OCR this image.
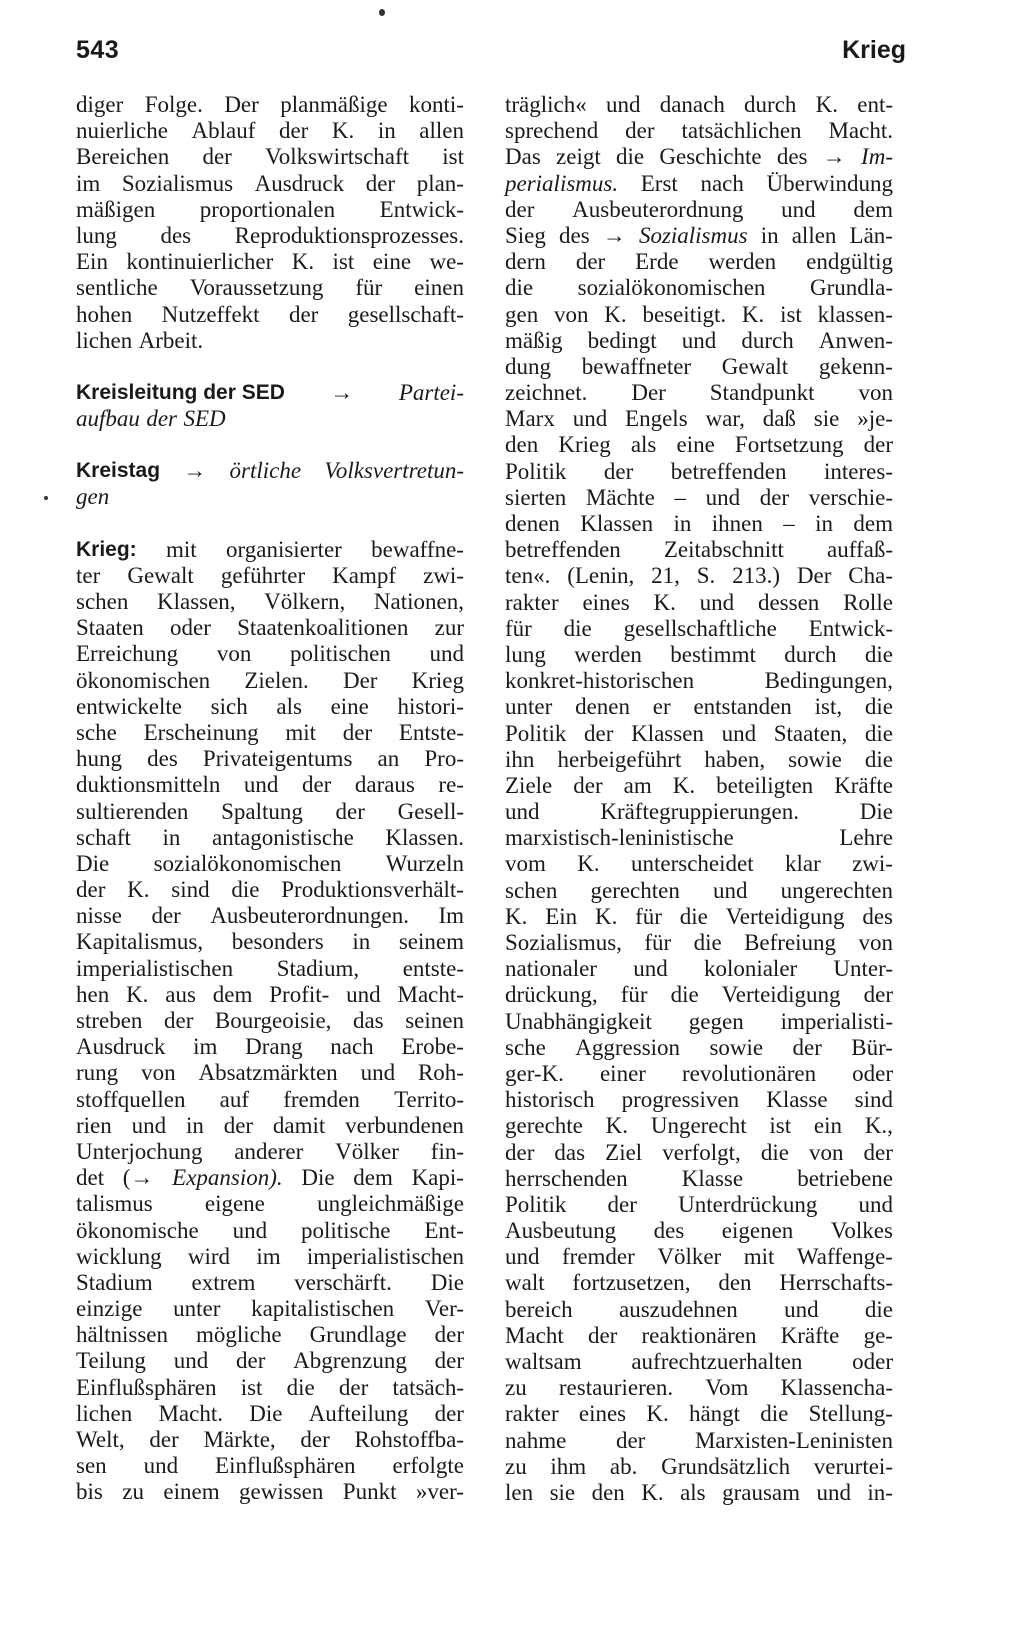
543	Krieg
diger Folge. Der planmäßige konti-
nuierliche Ablauf der K. in allen
Bereichen der Volkswirtschaft ist
im Sozialismus Ausdruck der plan-
mäßigen proportionalen Entwick-
lung des Reproduktionsprozesses.
Ein kontinuierlicher K. ist eine we-
sentliche Voraussetzung für einen
hohen Nutzeffekt der gesellschaft-
lichen Arbeit.
Kreisleitung der SED → Partei-
aufbau der SED
Kreistag → örtliche Volksvertretun-
gen
Krieg: mit organisierter bewaffne-
ter Gewalt geführter Kampf zwi-
schen Klassen, Völkern, Nationen,
Staaten oder Staatenkoalitionen zur
Erreichung von politischen und
ökonomischen Zielen. Der Krieg
entwickelte sich als eine histori-
sche Erscheinung mit der Entste-
hung des Privateigentums an Pro-
duktionsmitteln und der daraus re-
sultierenden Spaltung der Gesell-
schaft in antagonistische Klassen.
Die sozialökonomischen Wurzeln
der K. sind die Produktionsverhält-
nisse der Ausbeuterordnungen. Im
Kapitalismus, besonders in seinem
imperialistischen Stadium, entste-
hen K. aus dem Profit- und Macht-
streben der Bourgeoisie, das seinen
Ausdruck im Drang nach Erobe-
rung von Absatzmärkten und Roh-
stoffquellen auf fremden Territo-
rien und in der damit verbundenen
Unterjochung anderer Völker fin-
det (→ Expansion). Die dem Kapi-
talismus eigene ungleichmäßige
ökonomische und politische Ent-
wicklung wird im imperialistischen
Stadium extrem verschärft. Die
einzige unter kapitalistischen Ver-
hältnissen mögliche Grundlage der
Teilung und der Abgrenzung der
Einflußsphären ist die der tatsäch-
lichen Macht. Die Aufteilung der
Welt, der Märkte, der Rohstoffba-
sen und Einflußsphären erfolgte
bis zu einem gewissen Punkt »ver-
träglich« und danach durch K. ent-
sprechend der tatsächlichen Macht.
Das zeigt die Geschichte des → Im-
perialismus. Erst nach Überwindung
der Ausbeuterordnung und dem
Sieg des → Sozialismus in allen Län-
dern der Erde werden endgültig
die sozialökonomischen Grundla-
gen von K. beseitigt. K. ist klassen-
mäßig bedingt und durch Anwen-
dung bewaffneter Gewalt gekenn-
zeichnet. Der Standpunkt von
Marx und Engels war, daß sie »je-
den Krieg als eine Fortsetzung der
Politik der betreffenden interes-
sierten Mächte – und der verschie-
denen Klassen in ihnen – in dem
betreffenden Zeitabschnitt auffaß-
ten«. (Lenin, 21, S. 213.) Der Cha-
rakter eines K. und dessen Rolle
für die gesellschaftliche Entwick-
lung werden bestimmt durch die
konkret-historischen	Bedingungen,
unter denen er entstanden ist, die
Politik der Klassen und Staaten, die
ihn herbeigeführt haben, sowie die
Ziele der am K. beteiligten Kräfte
und	Kräftegruppierungen.	Die
marxistisch-leninistische	Lehre
vom K. unterscheidet klar zwi-
schen gerechten und ungerechten
K. Ein K. für die Verteidigung des
Sozialismus, für die Befreiung von
nationaler und kolonialer Unter-
drückung, für die Verteidigung der
Unabhängigkeit gegen imperialisti-
sche Aggression sowie der Bür-
ger-K. einer revolutionären oder
historisch progressiven Klasse sind
gerechte K. Ungerecht ist ein K.,
der das Ziel verfolgt, die von der
herrschenden Klasse betriebene
Politik der Unterdrückung und
Ausbeutung des eigenen Volkes
und fremder Völker mit Waffenge-
walt fortzusetzen, den Herrschafts-
bereich auszudehnen und die
Macht der reaktionären Kräfte ge-
waltsam aufrechtzuerhalten oder
zu restaurieren. Vom Klassencha-
rakter eines K. hängt die Stellung-
nahme der Marxisten-Leninisten
zu ihm ab. Grundsätzlich verurtei-
len sie den K. als grausam und in-
